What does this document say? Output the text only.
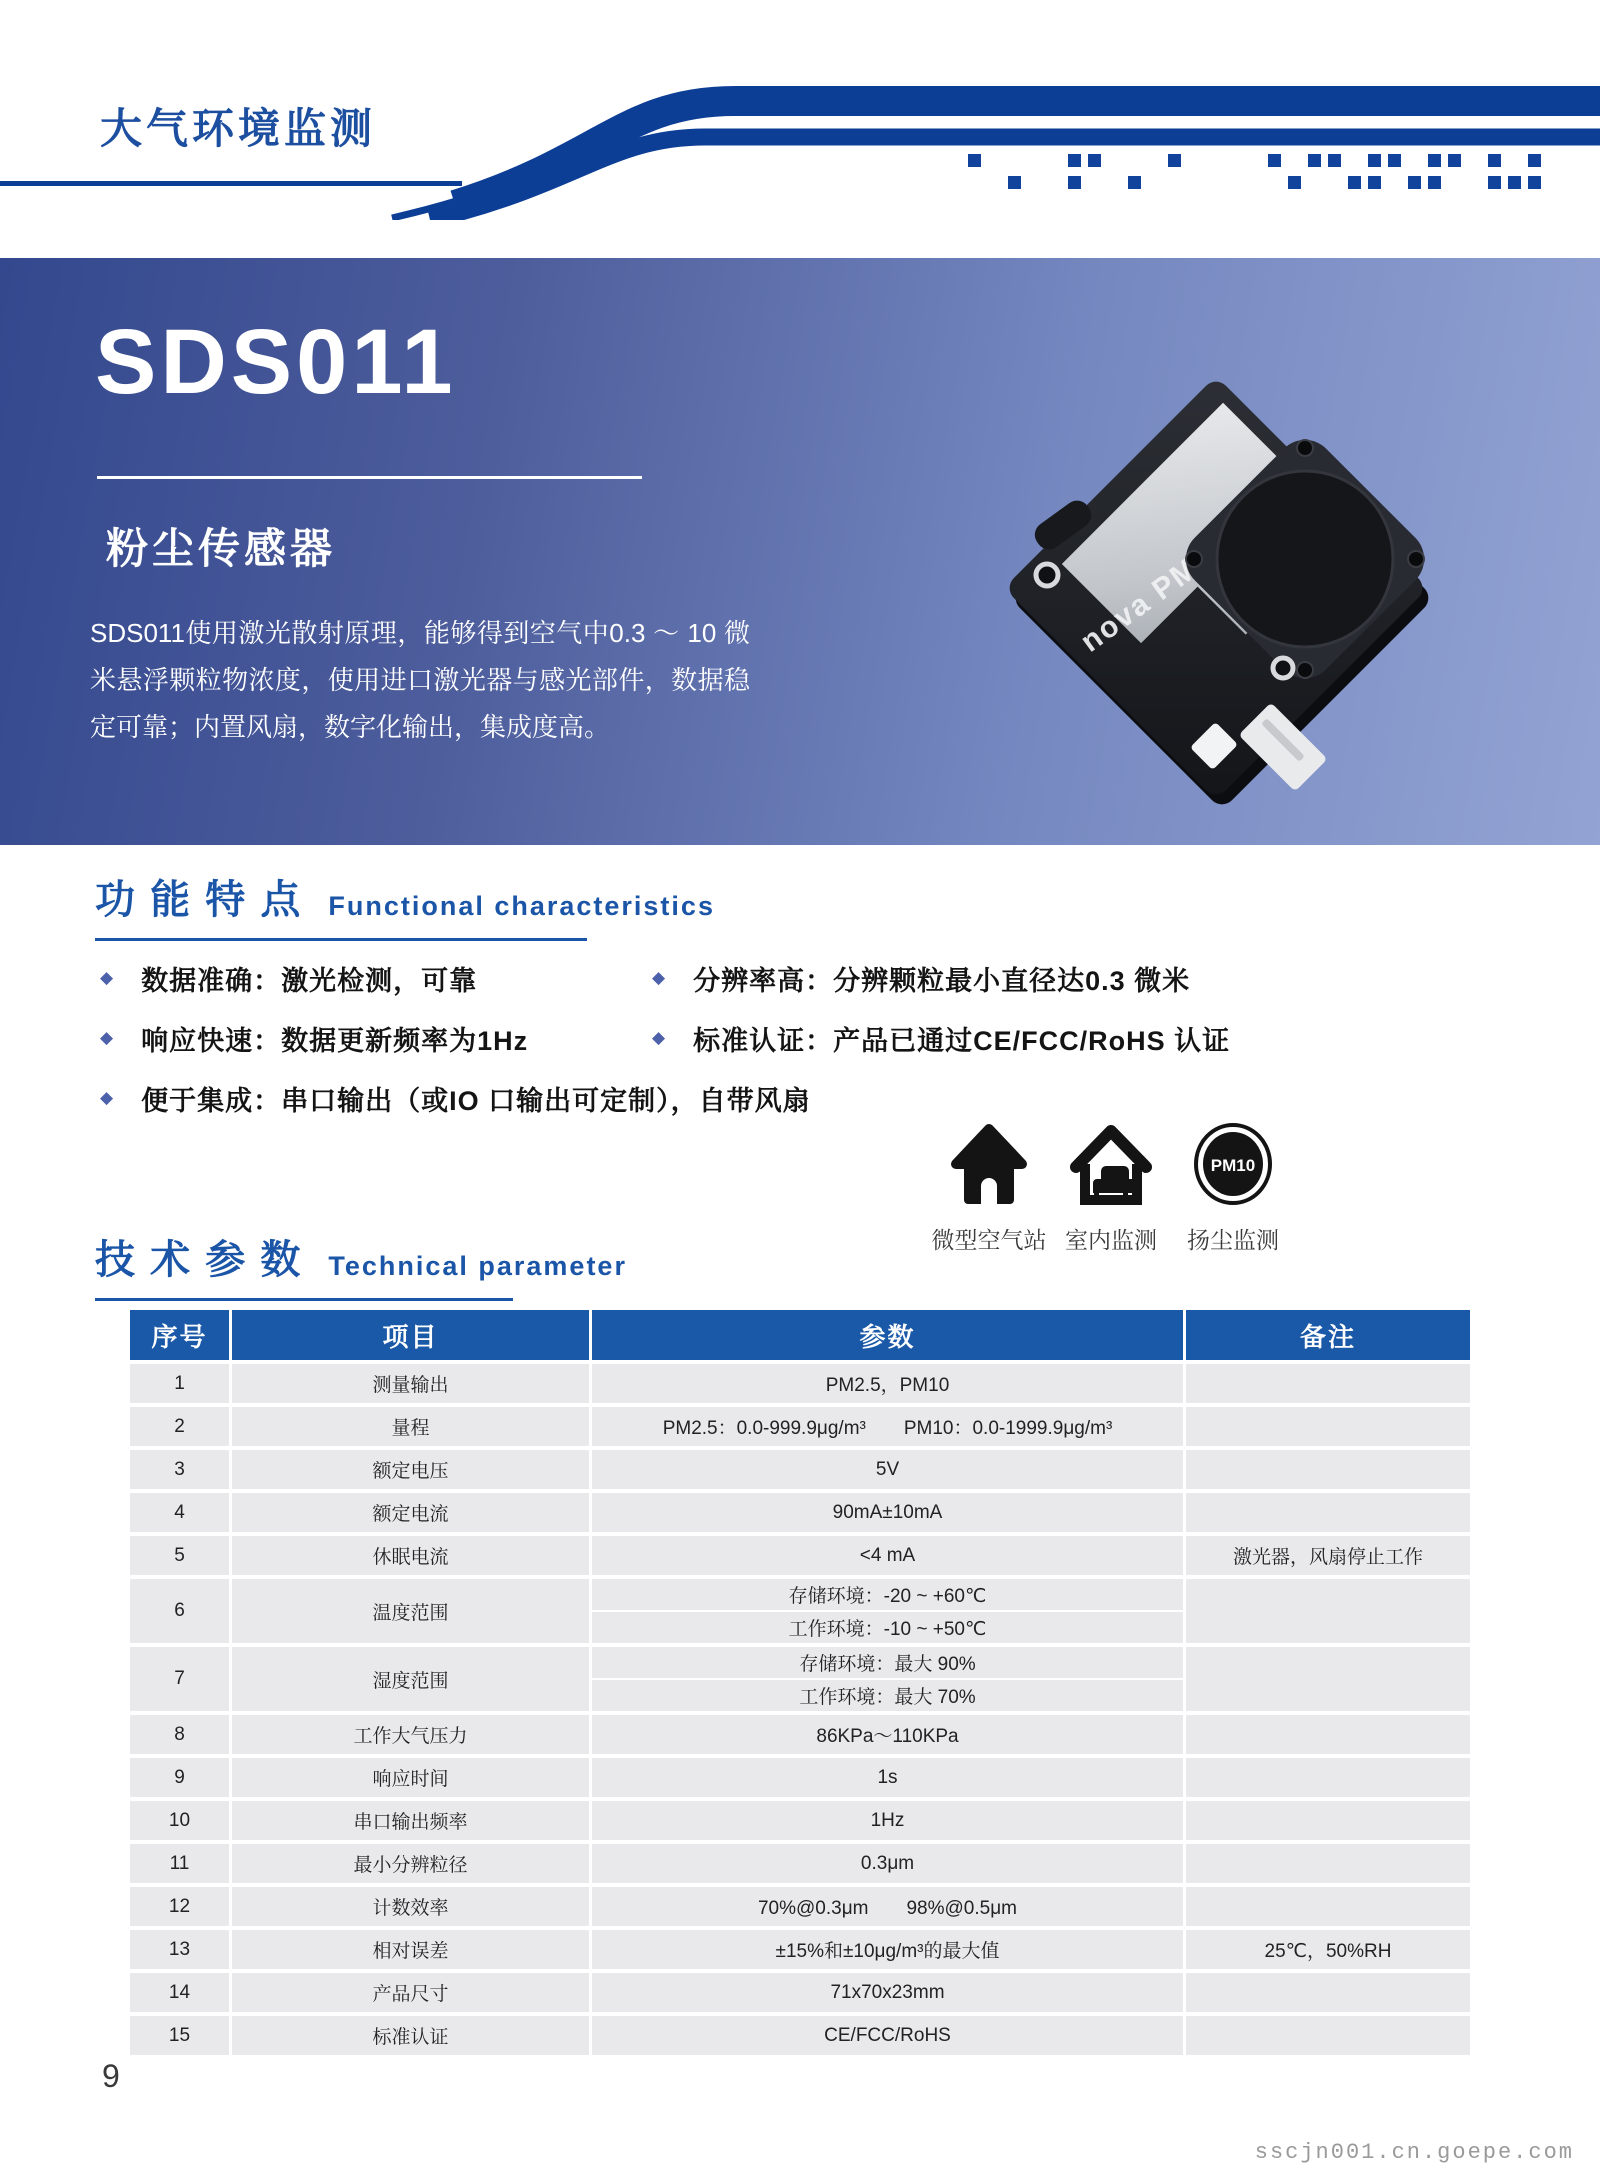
大气环境监测
SDS011
粉尘传感器

SDS011使用激光散射原理，能够得到空气中0.3 ～ 10 微米悬浮颗粒物浓度，使用进口激光器与感光部件，数据稳定可靠；内置风扇，数字化输出，集成度高。

nova PM
功 能 特 点 Functional characteristics
◆ 数据准确：激光检测，可靠
◆ 响应快速：数据更新频率为1Hz
◆ 便于集成：串口输出（或IO 口输出可定制），自带风扇
◆ 分辨率高：分辨颗粒最小直径达0.3 微米
◆ 标准认证：产品已通过CE/FCC/RoHS 认证
微型空气站 室内监测
PM10
扬尘监测
技 术 参 数 Technical parameter
序号	项目	参数	备注
1	测量输出	PM2.5，PM10
2	量程	PM2.5：0.0-999.9μg/m³　　PM10：0.0-1999.9μg/m³
3	额定电压	5V
4	额定电流	90mA±10mA
5	休眠电流	<4 mA	激光器，风扇停止工作
6	温度范围
存储环境：-20 ~ +60℃
工作环境：-10 ~ +50℃
7	湿度范围
存储环境：最大 90%
工作环境：最大 70%
8	工作大气压力	86KPa～110KPa
9	响应时间	1s
10	串口输出频率	1Hz
11	最小分辨粒径	0.3μm
12	计数效率	70%@0.3μm　　98%@0.5μm
13	相对误差	±15%和±10μg/m³的最大值	25℃，50%RH
14	产品尺寸	71x70x23mm
15	标准认证	CE/FCC/RoHS
9
sscjn001.cn.goepe.com
